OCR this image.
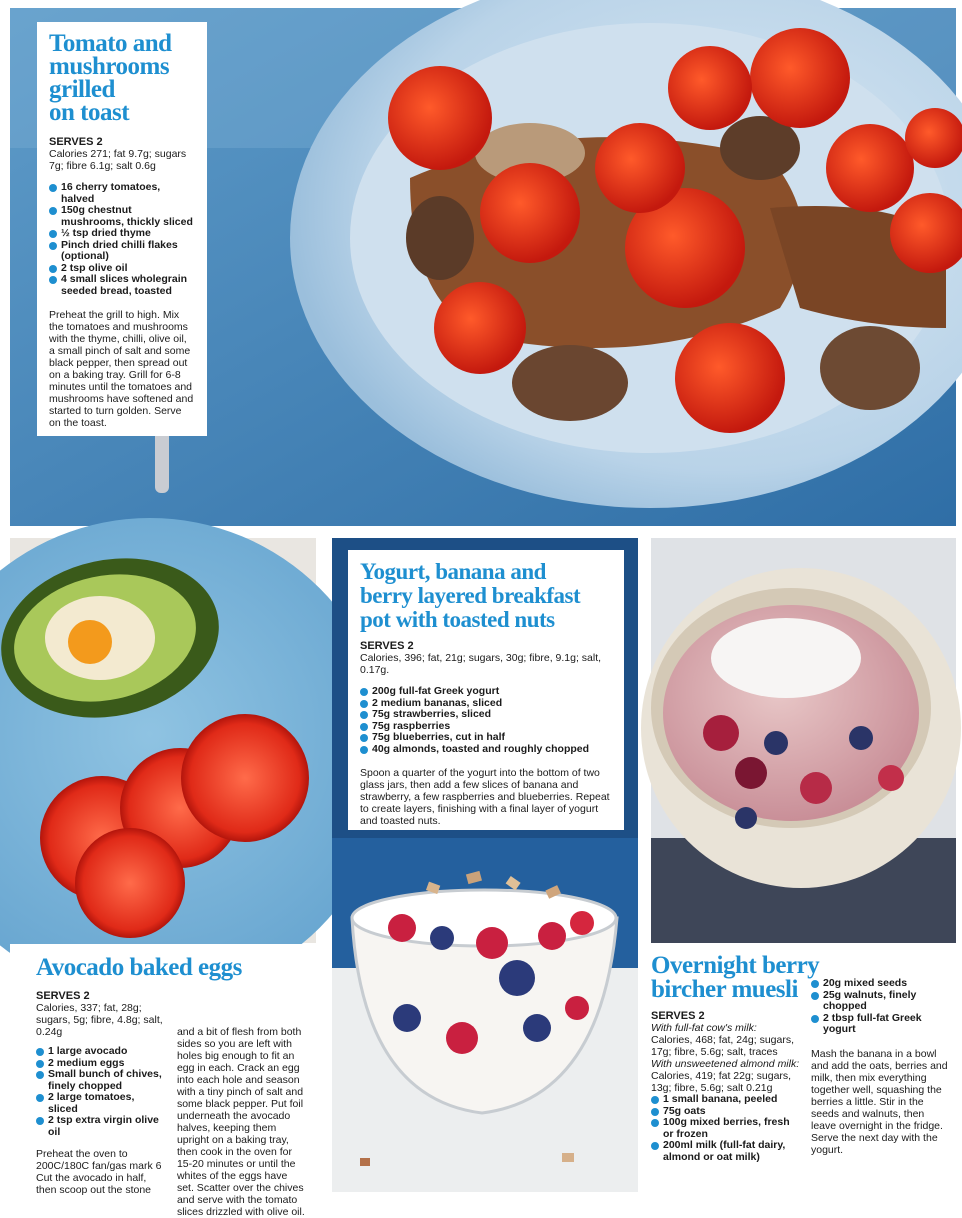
Tomato and
mushrooms
grilled
on toast
SERVES 2
Calories 271; fat 9.7g; sugars 7g; fibre 6.1g; salt 0.6g
16 cherry tomatoes, halved
150g chestnut mushrooms, thickly sliced
½ tsp dried thyme
Pinch dried chilli flakes (optional)
2 tsp olive oil
4 small slices wholegrain seeded bread, toasted
Preheat the grill to high. Mix the tomatoes and mushrooms with the thyme, chilli, olive oil, a small pinch of salt and some black pepper, then spread out on a baking tray. Grill for 6-8 minutes until the tomatoes and mushrooms have softened and started to turn golden. Serve on the toast.
Avocado baked eggs
SERVES 2
Calories, 337; fat, 28g; sugars, 5g; fibre, 4.8g; salt, 0.24g
1 large avocado
2 medium eggs
Small bunch of chives, finely chopped
2 large tomatoes, sliced
2 tsp extra virgin olive oil
Preheat the oven to 200C/180C fan/gas mark 6 Cut the avocado in half, then scoop out the stone
and a bit of flesh from both sides so you are left with holes big enough to fit an egg in each. Crack an egg into each hole and season with a tiny pinch of salt and some black pepper. Put foil underneath the avocado halves, keeping them upright on a baking tray, then cook in the oven for 15-20 minutes or until the whites of the eggs have set. Scatter over the chives and serve with the tomato slices drizzled with olive oil.
Yogurt, banana and
berry layered breakfast
pot with toasted nuts
SERVES 2
Calories, 396; fat, 21g; sugars, 30g; fibre, 9.1g; salt, 0.17g.
200g full-fat Greek yogurt
2 medium bananas, sliced
75g strawberries, sliced
75g raspberries
75g blueberries, cut in half
40g almonds, toasted and roughly chopped
Spoon a quarter of the yogurt into the bottom of two glass jars, then add a few slices of banana and strawberry, a few raspberries and blueberries. Repeat to create layers, finishing with a final layer of yogurt and toasted nuts.
Overnight berry
bircher muesli
SERVES 2
With full-fat cow's milk:
Calories, 468; fat, 24g; sugars, 17g; fibre, 5.6g; salt, traces
With unsweetened almond milk:
Calories, 419; fat 22g; sugars, 13g; fibre, 5.6g; salt 0.21g
1 small banana, peeled
75g oats
100g mixed berries, fresh or frozen
200ml milk (full-fat dairy, almond or oat milk)
20g mixed seeds
25g walnuts, finely chopped
2 tbsp full-fat Greek yogurt
Mash the banana in a bowl and add the oats, berries and milk, then mix everything together well, squashing the berries a little. Stir in the seeds and walnuts, then leave overnight in the fridge. Serve the next day with the yogurt.
